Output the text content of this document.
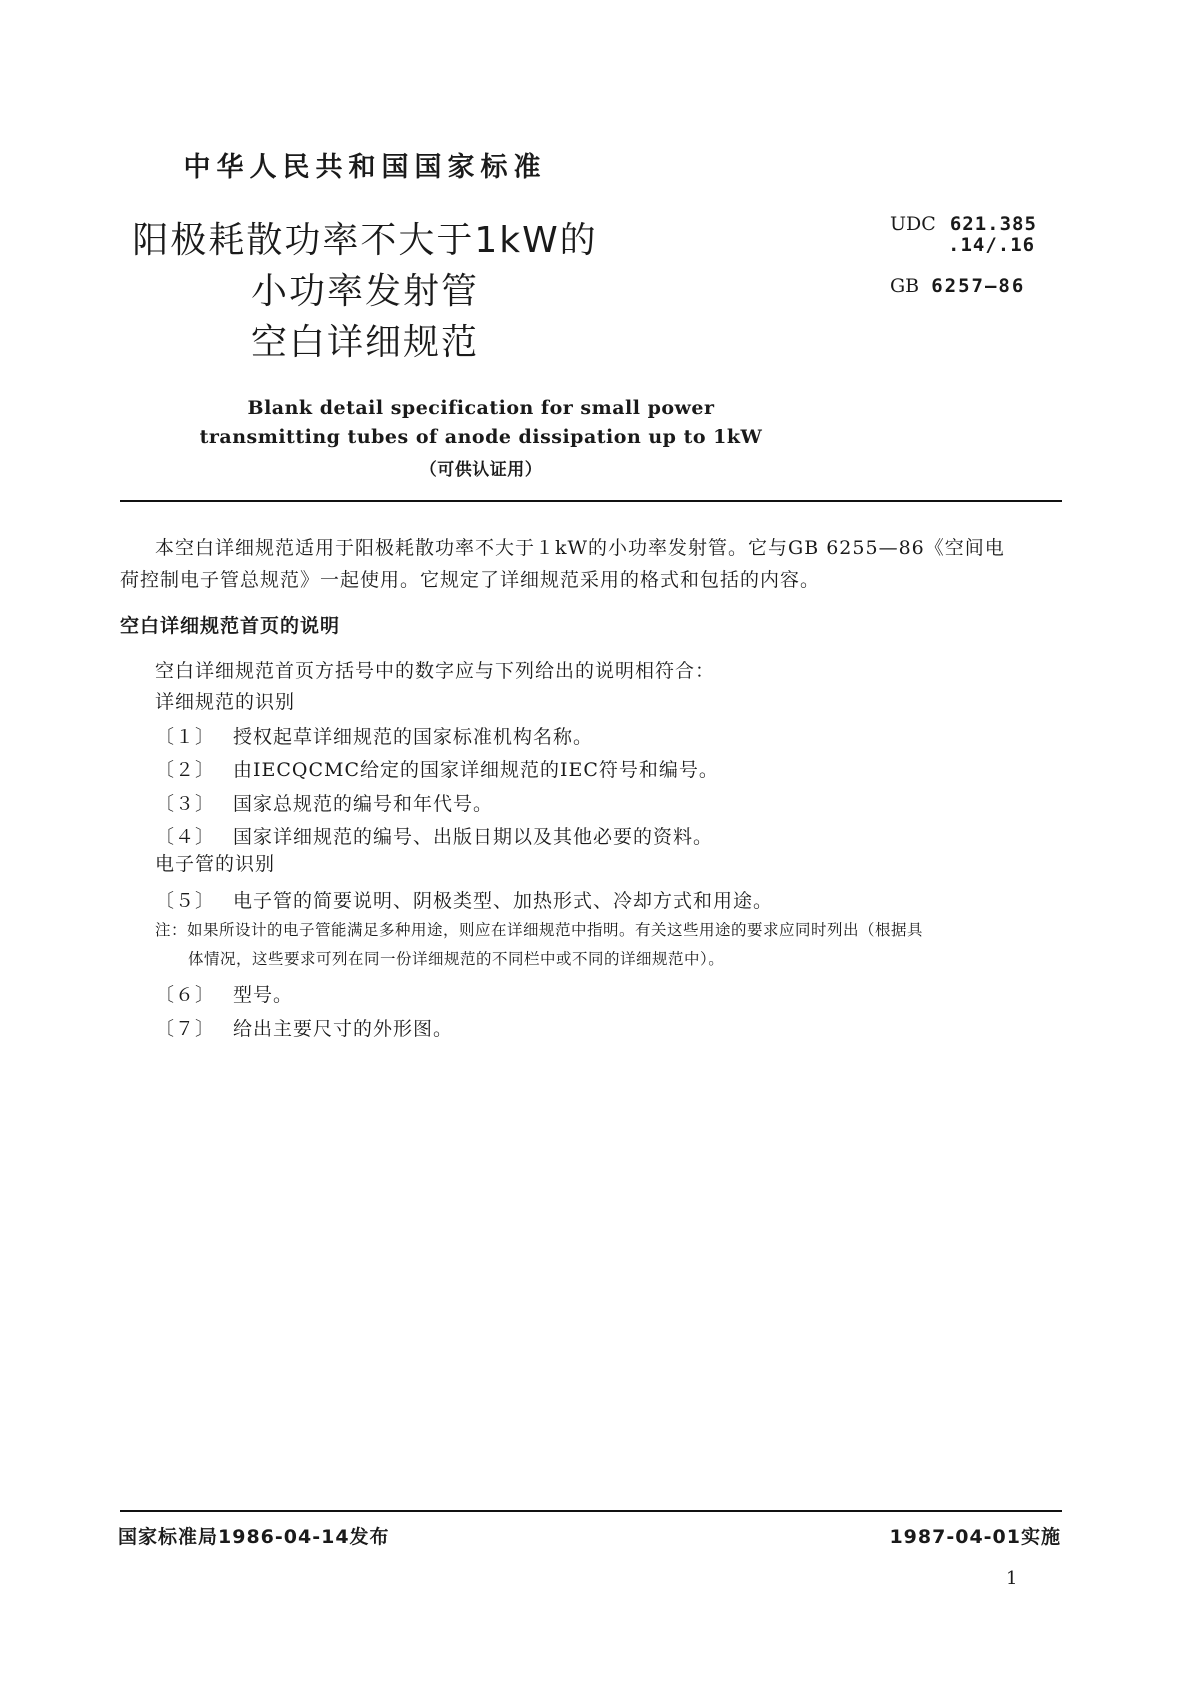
中华人民共和国国家标准
阳极耗散功率不大于1kW的
小功率发射管
空白详细规范
UDC 621.385
.14/.16
GB 6257—86
Blank detail specification for small power
transmitting tubes of anode dissipation up to 1kW
（可供认证用）
本空白详细规范适用于阳极耗散功率不大于１kW的小功率发射管。它与GB 6255—86《空间电
荷控制电子管总规范》一起使用。它规定了详细规范采用的格式和包括的内容。
空白详细规范首页的说明
空白详细规范首页方括号中的数字应与下列给出的说明相符合：
详细规范的识别
〔１〕 授权起草详细规范的国家标准机构名称。
〔２〕 由IECQCMC给定的国家详细规范的IEC符号和编号。
〔３〕 国家总规范的编号和年代号。
〔４〕 国家详细规范的编号、出版日期以及其他必要的资料。
电子管的识别
〔５〕 电子管的简要说明、阴极类型、加热形式、冷却方式和用途。
注：如果所设计的电子管能满足多种用途，则应在详细规范中指明。有关这些用途的要求应同时列出（根据具
体情况，这些要求可列在同一份详细规范的不同栏中或不同的详细规范中）。
〔６〕 型号。
〔７〕 给出主要尺寸的外形图。
国家标准局1986-04-14发布	1987-04-01实施
1
